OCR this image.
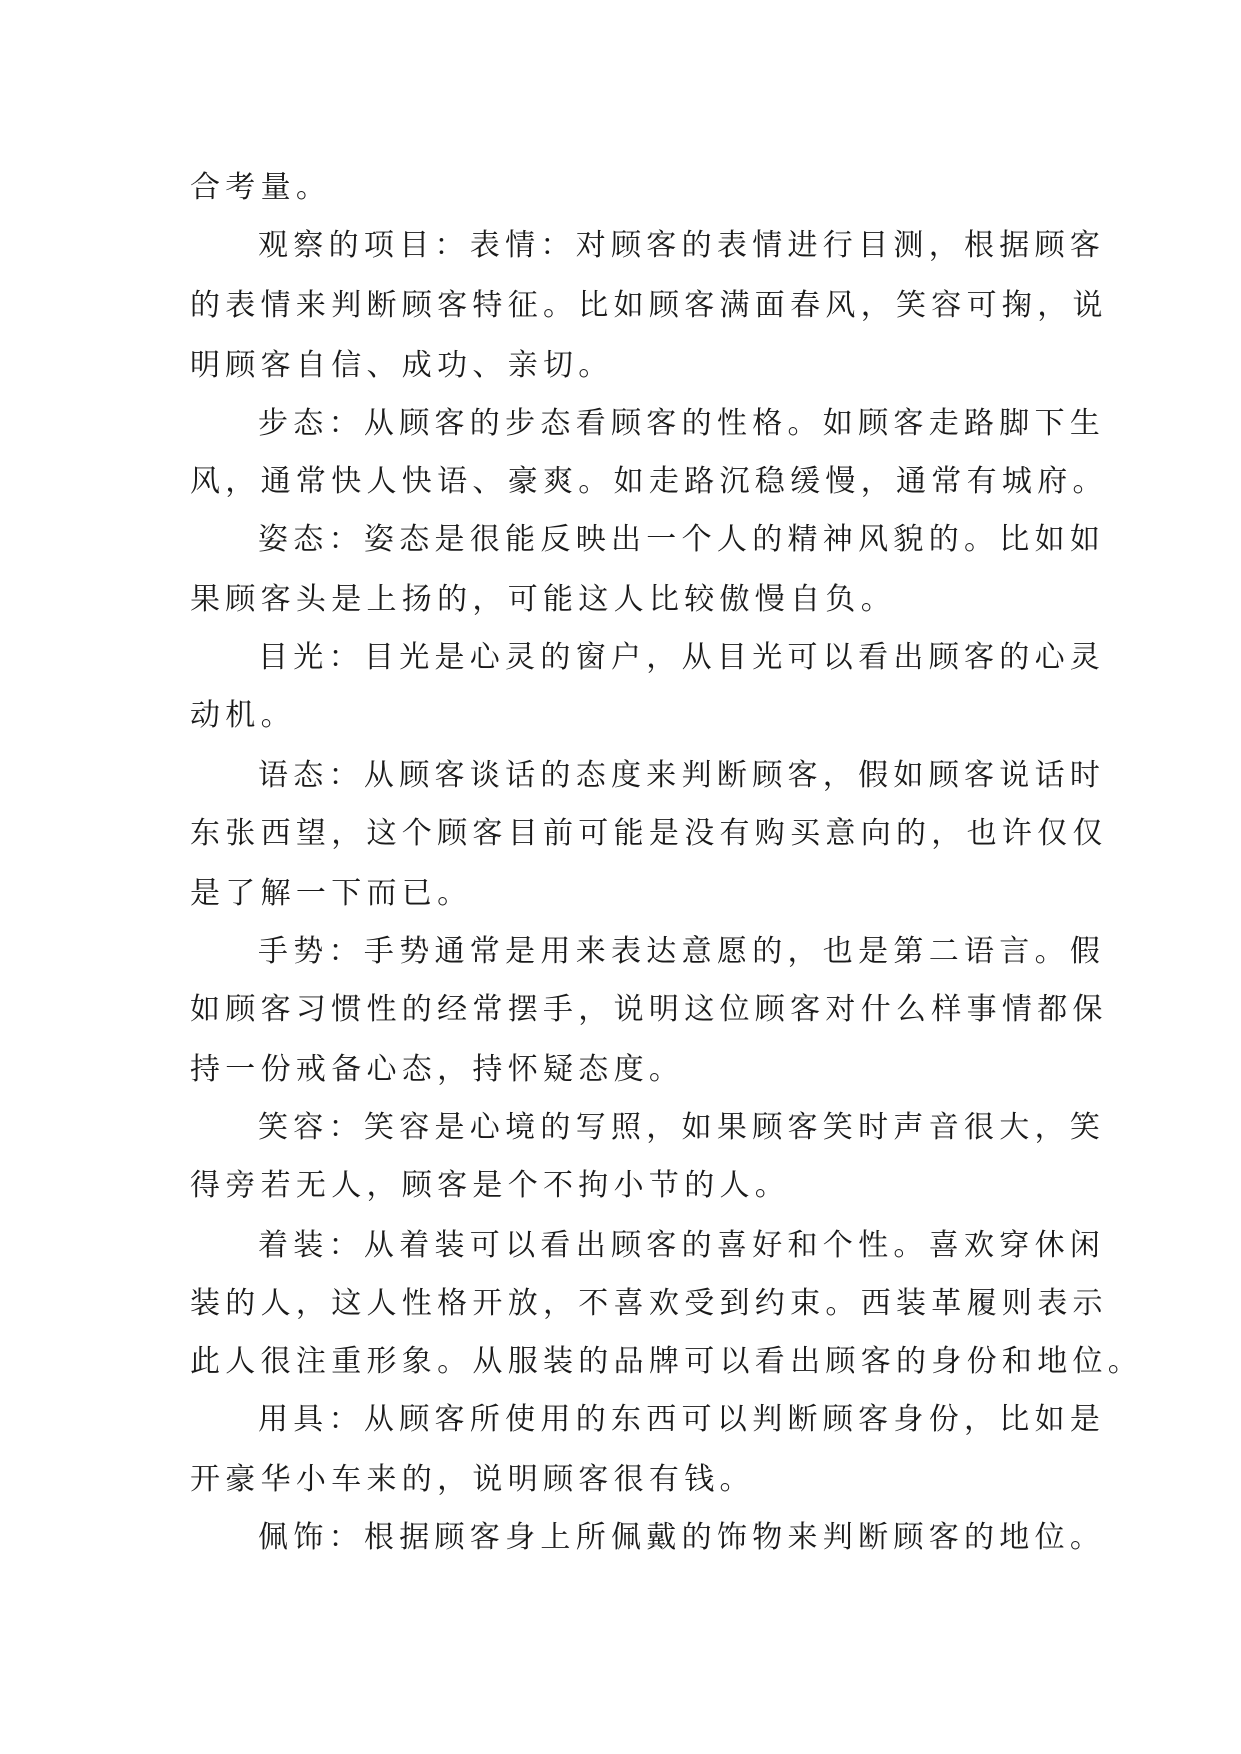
合考量。
观察的项目：表情：对顾客的表情进行目测，根据顾客
的表情来判断顾客特征。比如顾客满面春风，笑容可掬，说
明顾客自信、成功、亲切。
步态：从顾客的步态看顾客的性格。如顾客走路脚下生
风，通常快人快语、豪爽。如走路沉稳缓慢，通常有城府。
姿态：姿态是很能反映出一个人的精神风貌的。比如如
果顾客头是上扬的，可能这人比较傲慢自负。
目光：目光是心灵的窗户，从目光可以看出顾客的心灵
动机。
语态：从顾客谈话的态度来判断顾客，假如顾客说话时
东张西望，这个顾客目前可能是没有购买意向的，也许仅仅
是了解一下而已。
手势：手势通常是用来表达意愿的，也是第二语言。假
如顾客习惯性的经常摆手，说明这位顾客对什么样事情都保
持一份戒备心态，持怀疑态度。
笑容：笑容是心境的写照，如果顾客笑时声音很大，笑
得旁若无人，顾客是个不拘小节的人。
着装：从着装可以看出顾客的喜好和个性。喜欢穿休闲
装的人，这人性格开放，不喜欢受到约束。西装革履则表示
此人很注重形象。从服装的品牌可以看出顾客的身份和地位。
用具：从顾客所使用的东西可以判断顾客身份，比如是
开豪华小车来的，说明顾客很有钱。
佩饰：根据顾客身上所佩戴的饰物来判断顾客的地位。
